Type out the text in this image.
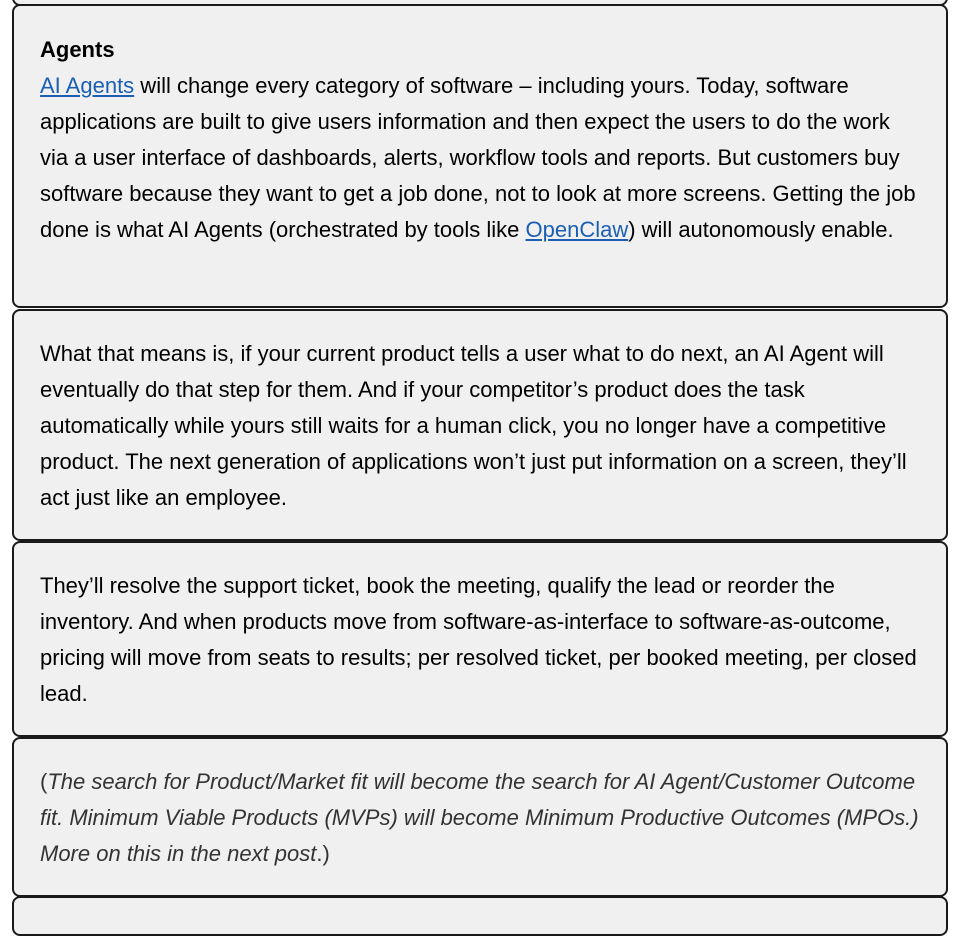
Agents

AI Agents will change every category of software – including yours. Today, software applications are built to give users information and then expect the users to do the work via a user interface of dashboards, alerts, workflow tools and reports. But customers buy software because they want to get a job done, not to look at more screens. Getting the job done is what AI Agents (orchestrated by tools like OpenClaw) will autonomously enable.

What that means is, if your current product tells a user what to do next, an AI Agent will eventually do that step for them. And if your competitor’s product does the task automatically while yours still waits for a human click, you no longer have a competitive product. The next generation of applications won’t just put information on a screen, they’ll act just like an employee.

They’ll resolve the support ticket, book the meeting, qualify the lead or reorder the inventory. And when products move from software-as-interface to software-as-outcome, pricing will move from seats to results; per resolved ticket, per booked meeting, per closed lead.

(The search for Product/Market fit will become the search for AI Agent/Customer Outcome fit. Minimum Viable Products (MVPs) will become Minimum Productive Outcomes (MPOs.) More on this in the next post.)
